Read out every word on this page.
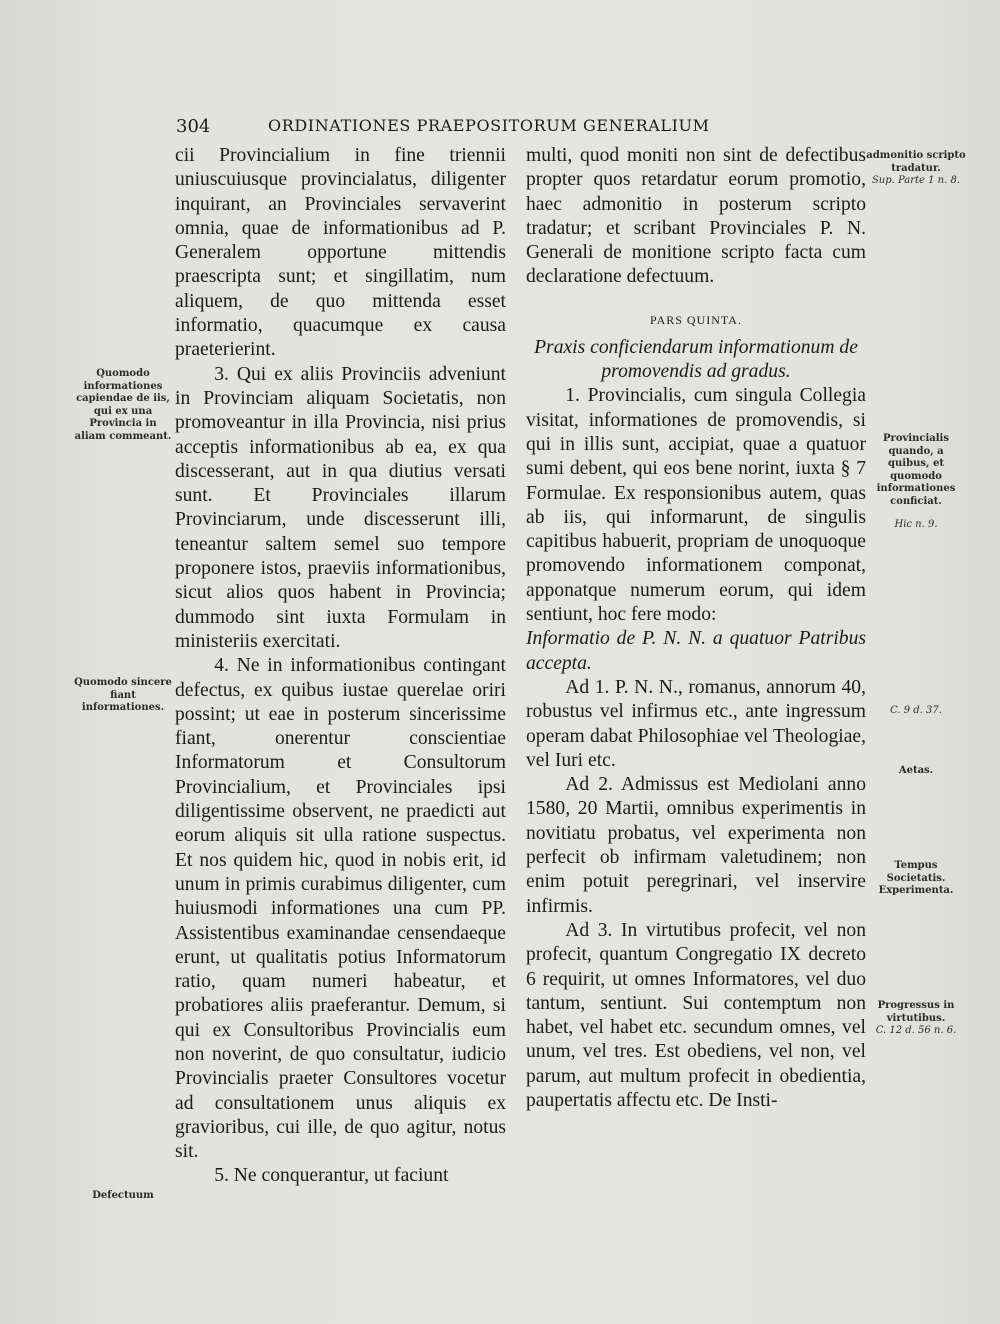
304	ORDINATIONES PRAEPOSITORUM GENERALIUM

cii Provincialium in fine triennii uniuscuiusque provincialatus, diligenter inquirant, an Provinciales servaverint omnia, quae de informationibus ad P. Generalem opportune mittendis praescripta sunt; et singillatim, num aliquem, de quo mittenda esset informatio, quacumque ex causa praeterierint.

3. Qui ex aliis Provinciis adveniunt in Provinciam aliquam Societatis, non promoveantur in illa Provincia, nisi prius acceptis informationibus ab ea, ex qua discesserant, aut in qua diutius versati sunt. Et Provinciales illarum Provinciarum, unde discesserunt illi, teneantur saltem semel suo tempore proponere istos, praeviis informationibus, sicut alios quos habent in Provincia; dummodo sint iuxta Formulam in ministeriis exercitati.

4. Ne in informationibus contingant defectus, ex quibus iustae querelae oriri possint; ut eae in posterum sincerissime fiant, onerentur conscientiae Informatorum et Consultorum Provincialium, et Provinciales ipsi diligentissime observent, ne praedicti aut eorum aliquis sit ulla ratione suspectus. Et nos quidem hic, quod in nobis erit, id unum in primis curabimus diligenter, cum huiusmodi informationes una cum PP. Assistentibus examinandae censendaeque erunt, ut qualitatis potius Informatorum ratio, quam numeri habeatur, et probatiores aliis praeferantur. Demum, si qui ex Consultoribus Provincialis eum non noverint, de quo consultatur, iudicio Provincialis praeter Consultores vocetur ad consultationem unus aliquis ex gravioribus, cui ille, de quo agitur, notus sit.

5. Ne conquerantur, ut faciunt

multi, quod moniti non sint de defectibus propter quos retardatur eorum promotio, haec admonitio in posterum scripto tradatur; et scribant Provinciales P. N. Generali de monitione scripto facta cum declaratione defectuum.

PARS QUINTA.

Praxis conficiendarum informationum de promovendis ad gradus.

1. Provincialis, cum singula Collegia visitat, informationes de promovendis, si qui in illis sunt, accipiat, quae a quatuor sumi debent, qui eos bene norint, iuxta § 7 Formulae. Ex responsionibus autem, quas ab iis, qui informarunt, de singulis capitibus habuerit, propriam de unoquoque promovendo informationem componat, apponatque numerum eorum, qui idem sentiunt, hoc fere modo:

Informatio de P. N. N. a quatuor Patribus accepta.

Ad 1. P. N. N., romanus, annorum 40, robustus vel infirmus etc., ante ingressum operam dabat Philosophiae vel Theologiae, vel Iuri etc.

Ad 2. Admissus est Mediolani anno 1580, 20 Martii, omnibus experimentis in novitiatu probatus, vel experimenta non perfecit ob infirmam valetudinem; non enim potuit peregrinari, vel inservire infirmis.

Ad 3. In virtutibus profecit, vel non profecit, quantum Congregatio IX decreto 6 requirit, ut omnes Informatores, vel duo tantum, sentiunt. Sui contemptum non habet, vel habet etc. secundum omnes, vel unum, vel tres. Est obediens, vel non, vel parum, aut multum profecit in obedientia, paupertatis affectu etc. De Insti-

Quomodo informationes capiendae de iis, qui ex una Provincia in aliam commeant.
Quomodo sincere fiant informationes.
Defectuum
admonitio scripto tradatur.
Sup. Parte 1 n. 8.
Provincialis quando, a quibus, et quomodo informationes conficiat.
Hic n. 9.
C. 9 d. 37.
Aetas.
Tempus Societatis. Experimenta.
Progressus in virtutibus.
C. 12 d. 56 n. 6.
